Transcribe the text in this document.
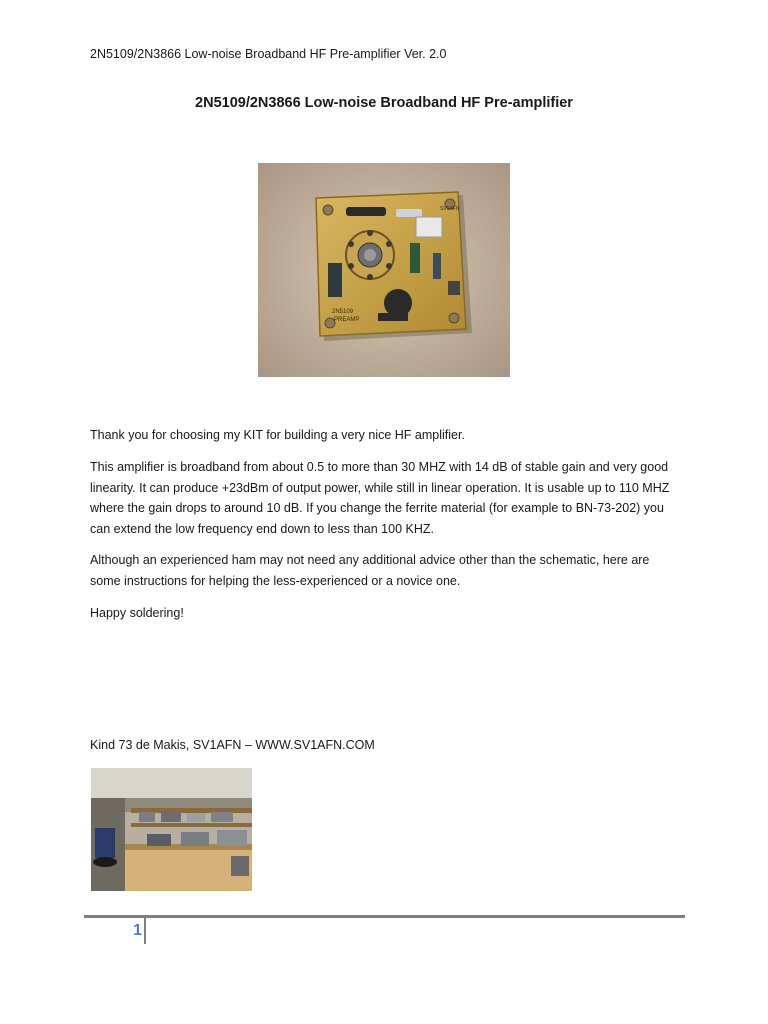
2N5109/2N3866 Low-noise Broadband HF Pre-amplifier Ver. 2.0
2N5109/2N3866 Low-noise Broadband HF Pre-amplifier
2N5109
PREAMP
SV1AFN

Thank you for choosing my KIT for building a very nice HF amplifier.

This amplifier is broadband from about 0.5 to more than 30 MHZ with 14 dB of stable gain and very good linearity. It can produce +23dBm of output power, while still in linear operation. It is usable up to 110 MHZ where the gain drops to around 10 dB. If you change the ferrite material (for example to BN-73-202) you can extend the low frequency end down to less than 100 KHZ.

Although an experienced ham may not need any additional advice other than the schematic, here are some instructions for helping the less-experienced or a novice one.

Happy soldering!

Kind 73 de Makis, SV1AFN – WWW.SV1AFN.COM

1
